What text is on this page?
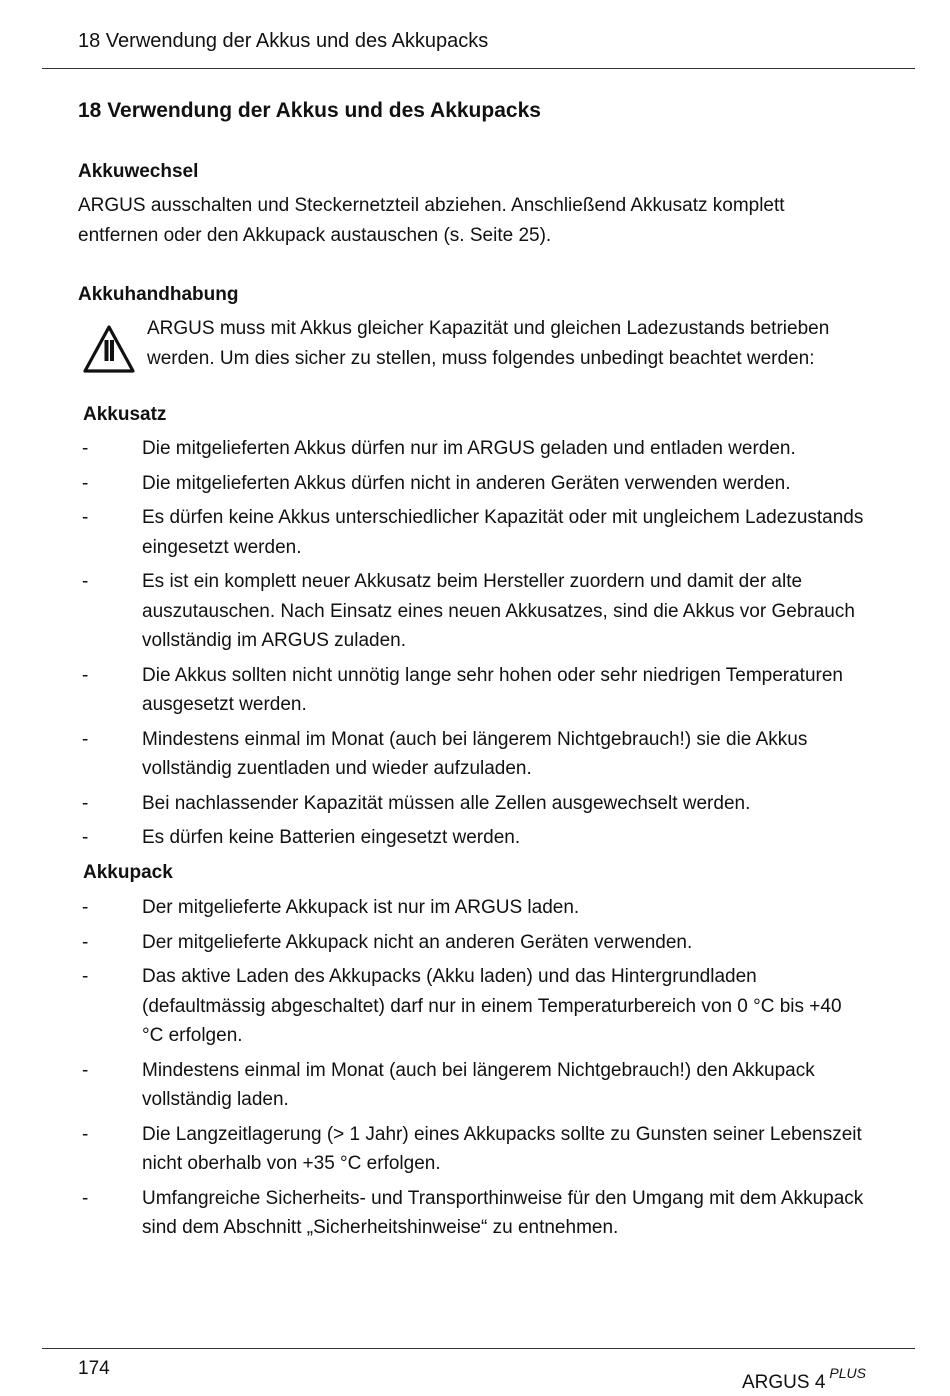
18 Verwendung der Akkus und des Akkupacks
18 Verwendung der Akkus und des Akkupacks
Akkuwechsel
ARGUS ausschalten und Steckernetzteil abziehen. Anschließend Akkusatz komplett entfernen oder den Akkupack austauschen (s. Seite 25).
Akkuhandhabung
ARGUS muss mit Akkus gleicher Kapazität und gleichen Ladezustands betrieben werden. Um dies sicher zu stellen, muss folgendes unbedingt beachtet werden:
Akkusatz
-	Die mitgelieferten Akkus dürfen nur im ARGUS geladen und entladen werden.
-	Die mitgelieferten Akkus dürfen nicht in anderen Geräten verwenden werden.
-	Es dürfen keine Akkus unterschiedlicher Kapazität oder mit ungleichem Ladezustands eingesetzt werden.
-	Es ist ein komplett neuer Akkusatz beim Hersteller zuordern und damit der alte auszutauschen. Nach Einsatz eines neuen Akkusatzes, sind die Akkus vor Gebrauch vollständig im ARGUS zuladen.
-	Die Akkus sollten nicht unnötig lange sehr hohen oder sehr niedrigen Temperaturen ausgesetzt werden.
-	Mindestens einmal im Monat (auch bei längerem Nichtgebrauch!) sie die Akkus vollständig zuentladen und wieder aufzuladen.
-	Bei nachlassender Kapazität müssen alle Zellen ausgewechselt werden.
-	Es dürfen keine Batterien eingesetzt werden.
Akkupack
-	Der mitgelieferte Akkupack ist nur im ARGUS laden.
-	Der mitgelieferte Akkupack nicht an anderen Geräten verwenden.
-	Das aktive Laden des Akkupacks (Akku laden) und das Hintergrundladen (defaultmässig abgeschaltet) darf nur in einem Temperaturbereich von 0 °C bis +40 °C erfolgen.
-	Mindestens einmal im Monat (auch bei längerem Nichtgebrauch!) den Akkupack vollständig laden.
-	Die Langzeitlagerung (> 1 Jahr) eines Akkupacks sollte zu Gunsten seiner Lebenszeit nicht oberhalb von +35 °C erfolgen.
-	Umfangreiche Sicherheits- und Transporthinweise für den Umgang mit dem Akkupack sind dem Abschnitt „Sicherheitshinweise“ zu entnehmen.
174
ARGUS 4 $^{PLUS}$
